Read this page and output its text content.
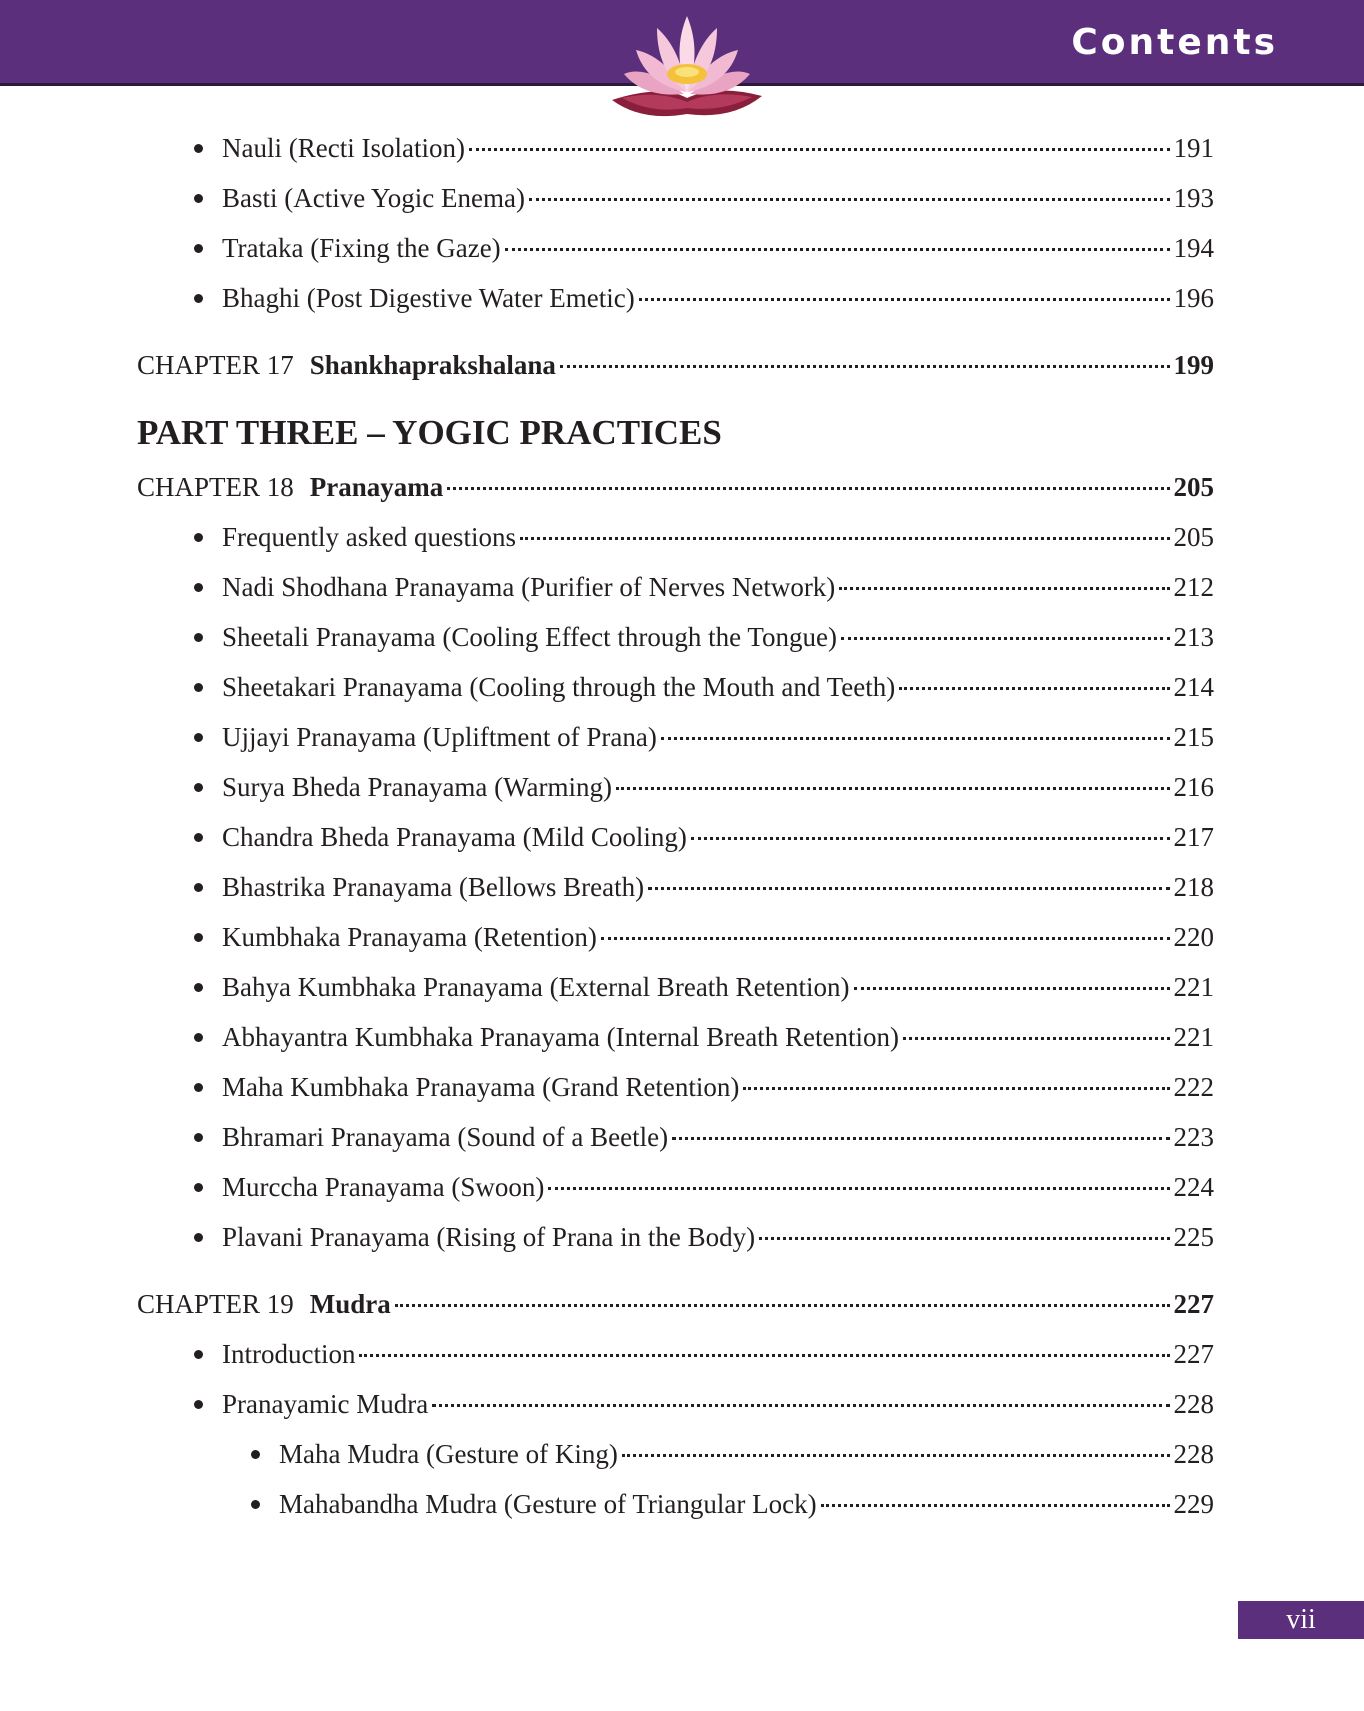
Contents
Nauli (Recti Isolation)	191
Basti (Active Yogic Enema)	193
Trataka (Fixing the Gaze)	194
Bhaghi (Post Digestive Water Emetic)	196
CHAPTER 17 Shankhaprakshalana	199
PART THREE – YOGIC PRACTICES
CHAPTER 18 Pranayama	205
Frequently asked questions	205
Nadi Shodhana Pranayama (Purifier of Nerves Network)	212
Sheetali Pranayama (Cooling Effect through the Tongue)	213
Sheetakari Pranayama (Cooling through the Mouth and Teeth)	214
Ujjayi Pranayama (Upliftment of Prana)	215
Surya Bheda Pranayama (Warming)	216
Chandra Bheda Pranayama (Mild Cooling)	217
Bhastrika Pranayama (Bellows Breath)	218
Kumbhaka Pranayama (Retention)	220
Bahya Kumbhaka Pranayama (External Breath Retention)	221
Abhayantra Kumbhaka Pranayama (Internal Breath Retention)	221
Maha Kumbhaka Pranayama (Grand Retention)	222
Bhramari Pranayama (Sound of a Beetle)	223
Murccha Pranayama (Swoon)	224
Plavani Pranayama (Rising of Prana in the Body)	225
CHAPTER 19 Mudra	227
Introduction	227
Pranayamic Mudra	228
Maha Mudra (Gesture of King)	228
Mahabandha Mudra (Gesture of Triangular Lock)	229
vii
